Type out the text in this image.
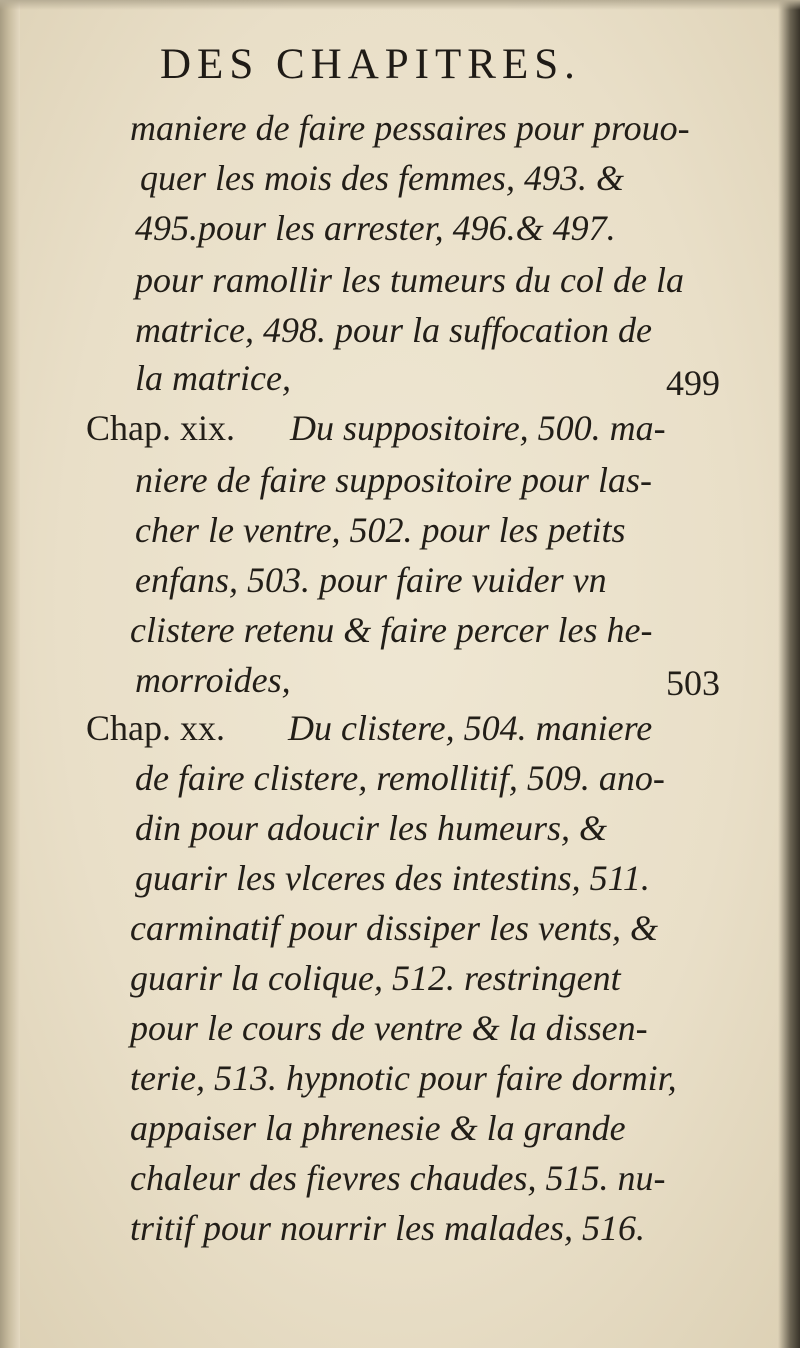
DES CHAPITRES.
maniere de faire pessaires pour prouo-
quer les mois des femmes, 493. &
495.pour les arrester, 496.& 497.
pour ramollir les tumeurs du col de la
matrice, 498. pour la suffocation de
la matrice,	499
Chap. xix. Du suppositoire, 500. ma-
niere de faire suppositoire pour las-
cher le ventre, 502. pour les petits
enfans, 503. pour faire vuider vn
clistere retenu & faire percer les he-
morroides,	503
Chap. xx. Du clistere, 504. maniere
de faire clistere, remollitif, 509. ano-
din pour adoucir les humeurs, &
guarir les vlceres des intestins, 511.
carminatif pour dissiper les vents, &
guarir la colique, 512. restringent
pour le cours de ventre & la dissen-
terie, 513. hypnotic pour faire dormir,
appaiser la phrenesie & la grande
chaleur des fievres chaudes, 515. nu-
tritif pour nourrir les malades, 516.
